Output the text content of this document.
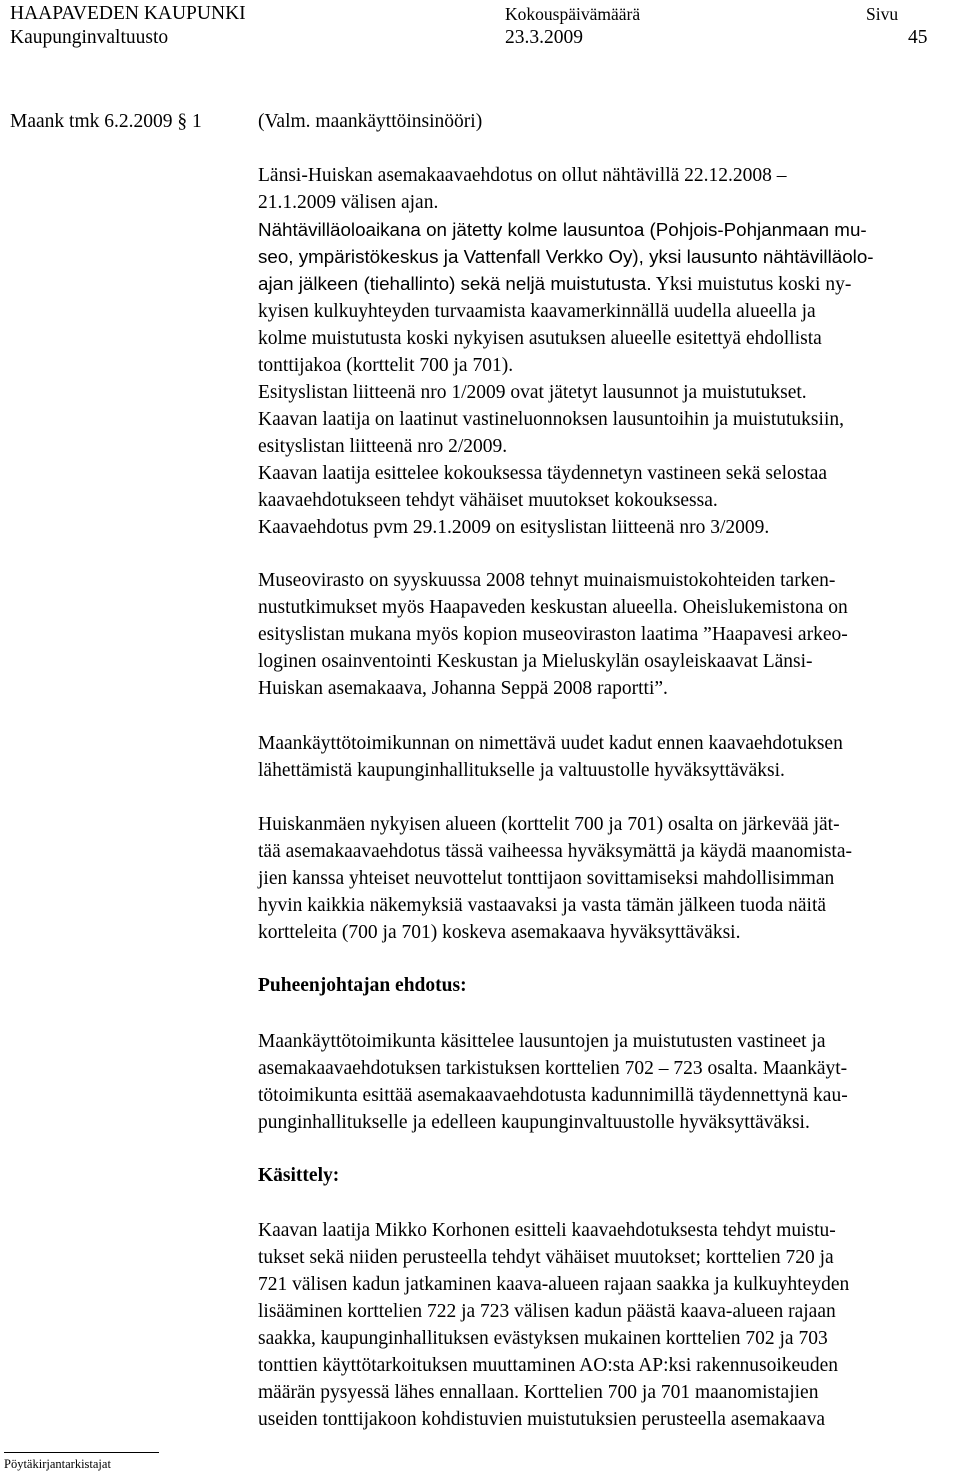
HAAPAVEDEN KAUPUNKI
Kaupunginvaltuusto
Kokouspäivämäärä
23.3.2009
Sivu
45
Maank tmk 6.2.2009 § 1	(Valm. maankäyttöinsinööri)
Länsi-Huiskan asemakaavaehdotus on ollut nähtävillä 22.12.2008 –
21.1.2009 välisen ajan.
Nähtävilläoloaikana on jätetty kolme lausuntoa (Pohjois-Pohjanmaan mu-
seo, ympäristökeskus ja Vattenfall Verkko Oy), yksi lausunto nähtävilläolo-
ajan jälkeen (tiehallinto) sekä neljä muistutusta. Yksi muistutus koski ny-
kyisen kulkuyhteyden turvaamista kaavamerkinnällä uudella alueella ja
kolme muistutusta koski nykyisen asutuksen alueelle esitettyä ehdollista
tonttijakoa (korttelit 700 ja 701).
Esityslistan liitteenä nro 1/2009 ovat jätetyt lausunnot ja muistutukset.
Kaavan laatija on laatinut vastineluonnoksen lausuntoihin ja muistutuksiin,
esityslistan liitteenä nro 2/2009.
Kaavan laatija esittelee kokouksessa täydennetyn vastineen sekä selostaa
kaavaehdotukseen tehdyt vähäiset muutokset kokouksessa.
Kaavaehdotus pvm 29.1.2009 on esityslistan liitteenä nro 3/2009.
Museovirasto on syyskuussa 2008 tehnyt muinaismuistokohteiden tarken-
nustutkimukset myös Haapaveden keskustan alueella. Oheislukemistona on
esityslistan mukana myös kopion museoviraston laatima ”Haapavesi arkeo-
loginen osainventointi Keskustan ja Mieluskylän osayleiskaavat Länsi-
Huiskan asemakaava, Johanna Seppä 2008 raportti”.
Maankäyttötoimikunnan on nimettävä uudet kadut ennen kaavaehdotuksen
lähettämistä kaupunginhallitukselle ja valtuustolle hyväksyttäväksi.
Huiskanmäen nykyisen alueen (korttelit 700 ja 701) osalta on järkevää jät-
tää asemakaavaehdotus tässä vaiheessa hyväksymättä ja käydä maanomista-
jien kanssa yhteiset neuvottelut tonttijaon sovittamiseksi mahdollisimman
hyvin kaikkia näkemyksiä vastaavaksi ja vasta tämän jälkeen tuoda näitä
kortteleita (700 ja 701) koskeva asemakaava hyväksyttäväksi.
Puheenjohtajan ehdotus:
Maankäyttötoimikunta käsittelee lausuntojen ja muistutusten vastineet ja
asemakaavaehdotuksen tarkistuksen korttelien 702 – 723 osalta. Maankäyt-
tötoimikunta esittää asemakaavaehdotusta kadunnimillä täydennettynä kau-
punginhallitukselle ja edelleen kaupunginvaltuustolle hyväksyttäväksi.
Käsittely:
Kaavan laatija Mikko Korhonen esitteli kaavaehdotuksesta tehdyt muistu-
tukset sekä niiden perusteella tehdyt vähäiset muutokset; korttelien 720 ja
721 välisen kadun jatkaminen kaava-alueen rajaan saakka ja kulkuyhteyden
lisääminen korttelien 722 ja 723 välisen kadun päästä kaava-alueen rajaan
saakka, kaupunginhallituksen evästyksen mukainen korttelien 702 ja 703
tonttien käyttötarkoituksen muuttaminen AO:sta AP:ksi rakennusoikeuden
määrän pysyessä lähes ennallaan. Korttelien 700 ja 701 maanomistajien
useiden tonttijakoon kohdistuvien muistutuksien perusteella asemakaava
Pöytäkirjantarkistajat
